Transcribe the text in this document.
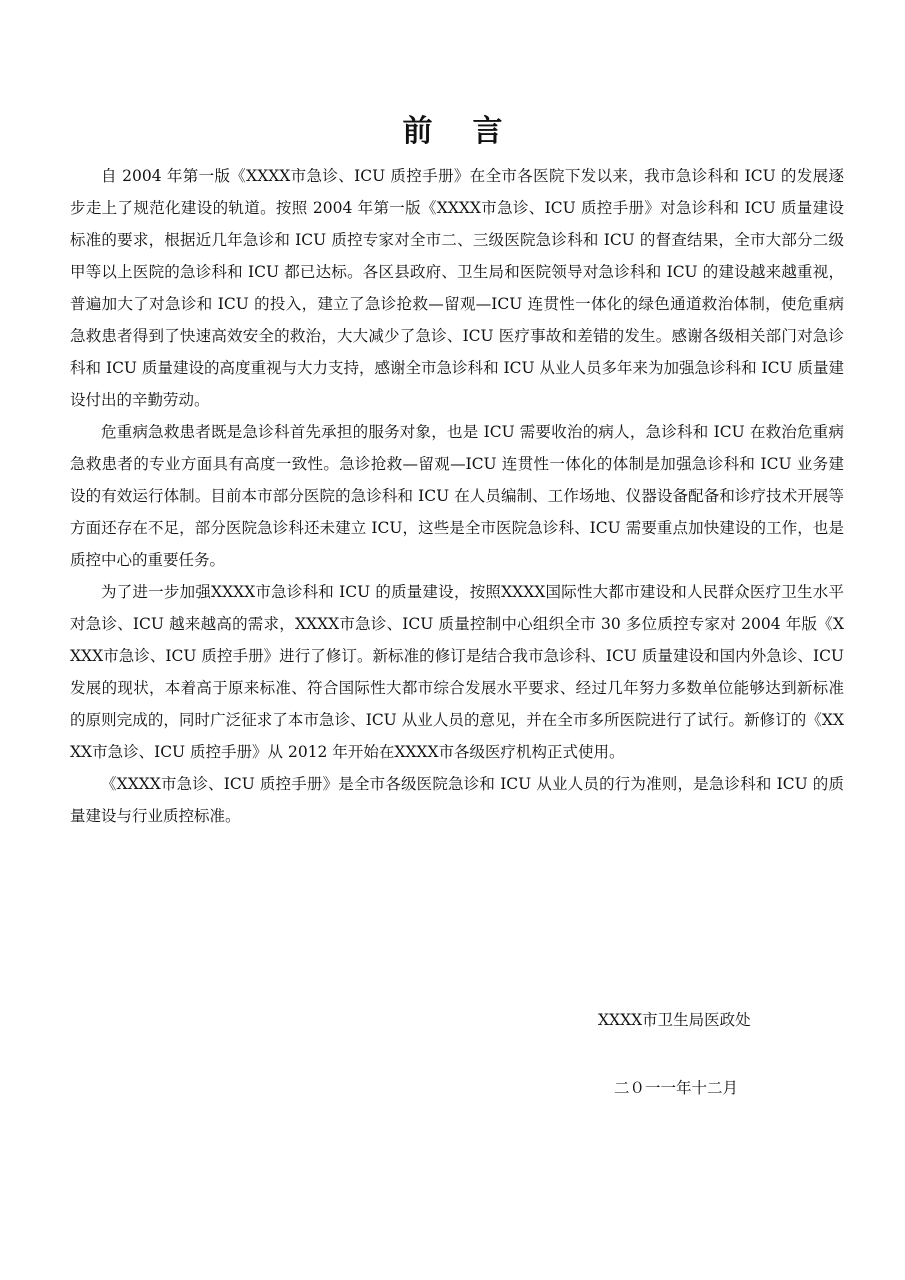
前言

自 2004 年第一版《XXXX市急诊、ICU 质控手册》在全市各医院下发以来，我市急诊科和 ICU 的发展逐步走上了规范化建设的轨道。按照 2004 年第一版《XXXX市急诊、ICU 质控手册》对急诊科和 ICU 质量建设标准的要求，根据近几年急诊和 ICU 质控专家对全市二、三级医院急诊科和 ICU 的督查结果，全市大部分二级甲等以上医院的急诊科和 ICU 都已达标。各区县政府、卫生局和医院领导对急诊科和 ICU 的建设越来越重视，普遍加大了对急诊和 ICU 的投入，建立了急诊抢救—留观—ICU 连贯性一体化的绿色通道救治体制，使危重病急救患者得到了快速高效安全的救治，大大减少了急诊、ICU 医疗事故和差错的发生。感谢各级相关部门对急诊科和 ICU 质量建设的高度重视与大力支持，感谢全市急诊科和 ICU 从业人员多年来为加强急诊科和 ICU 质量建设付出的辛勤劳动。

危重病急救患者既是急诊科首先承担的服务对象，也是 ICU 需要收治的病人，急诊科和 ICU 在救治危重病急救患者的专业方面具有高度一致性。急诊抢救—留观—ICU 连贯性一体化的体制是加强急诊科和 ICU 业务建设的有效运行体制。目前本市部分医院的急诊科和 ICU 在人员编制、工作场地、仪器设备配备和诊疗技术开展等方面还存在不足，部分医院急诊科还未建立 ICU，这些是全市医院急诊科、ICU 需要重点加快建设的工作，也是质控中心的重要任务。

为了进一步加强XXXX市急诊科和 ICU 的质量建设，按照XXXX国际性大都市建设和人民群众医疗卫生水平对急诊、ICU 越来越高的需求，XXXX市急诊、ICU 质量控制中心组织全市 30 多位质控专家对 2004 年版《XXXX市急诊、ICU 质控手册》进行了修订。新标准的修订是结合我市急诊科、ICU 质量建设和国内外急诊、ICU 发展的现状，本着高于原来标准、符合国际性大都市综合发展水平要求、经过几年努力多数单位能够达到新标准的原则完成的，同时广泛征求了本市急诊、ICU 从业人员的意见，并在全市多所医院进行了试行。新修订的《XXXX市急诊、ICU 质控手册》从 2012 年开始在XXXX市各级医疗机构正式使用。

《XXXX市急诊、ICU 质控手册》是全市各级医院急诊和 ICU 从业人员的行为准则，是急诊科和 ICU 的质量建设与行业质控标准。

XXXX市卫生局医政处

二０一一年十二月
